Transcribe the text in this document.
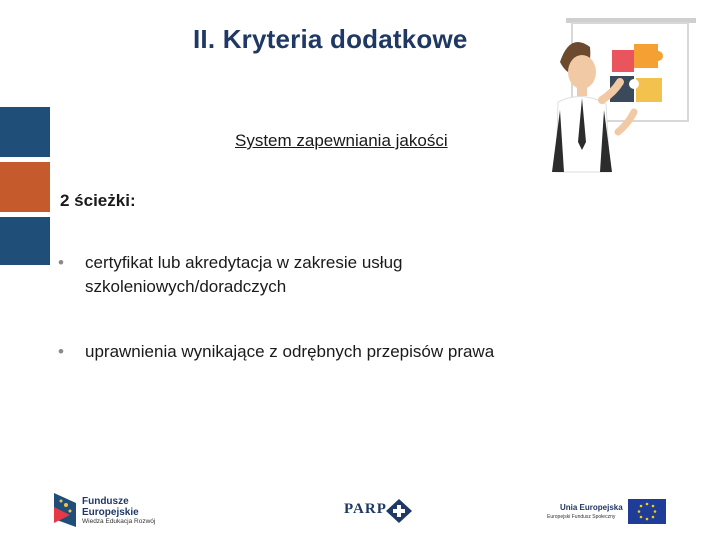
II. Kryteria dodatkowe
System zapewniania jakości
2 ścieżki:
•	certyfikat lub akredytacja w zakresie usług szkoleniowych/doradczych
•	uprawnienia wynikające z odrębnych przepisów prawa
Fundusze
Europejskie
Wiedza Edukacja Rozwój
PARP	Unia Europejska
Europejski Fundusz Społeczny
